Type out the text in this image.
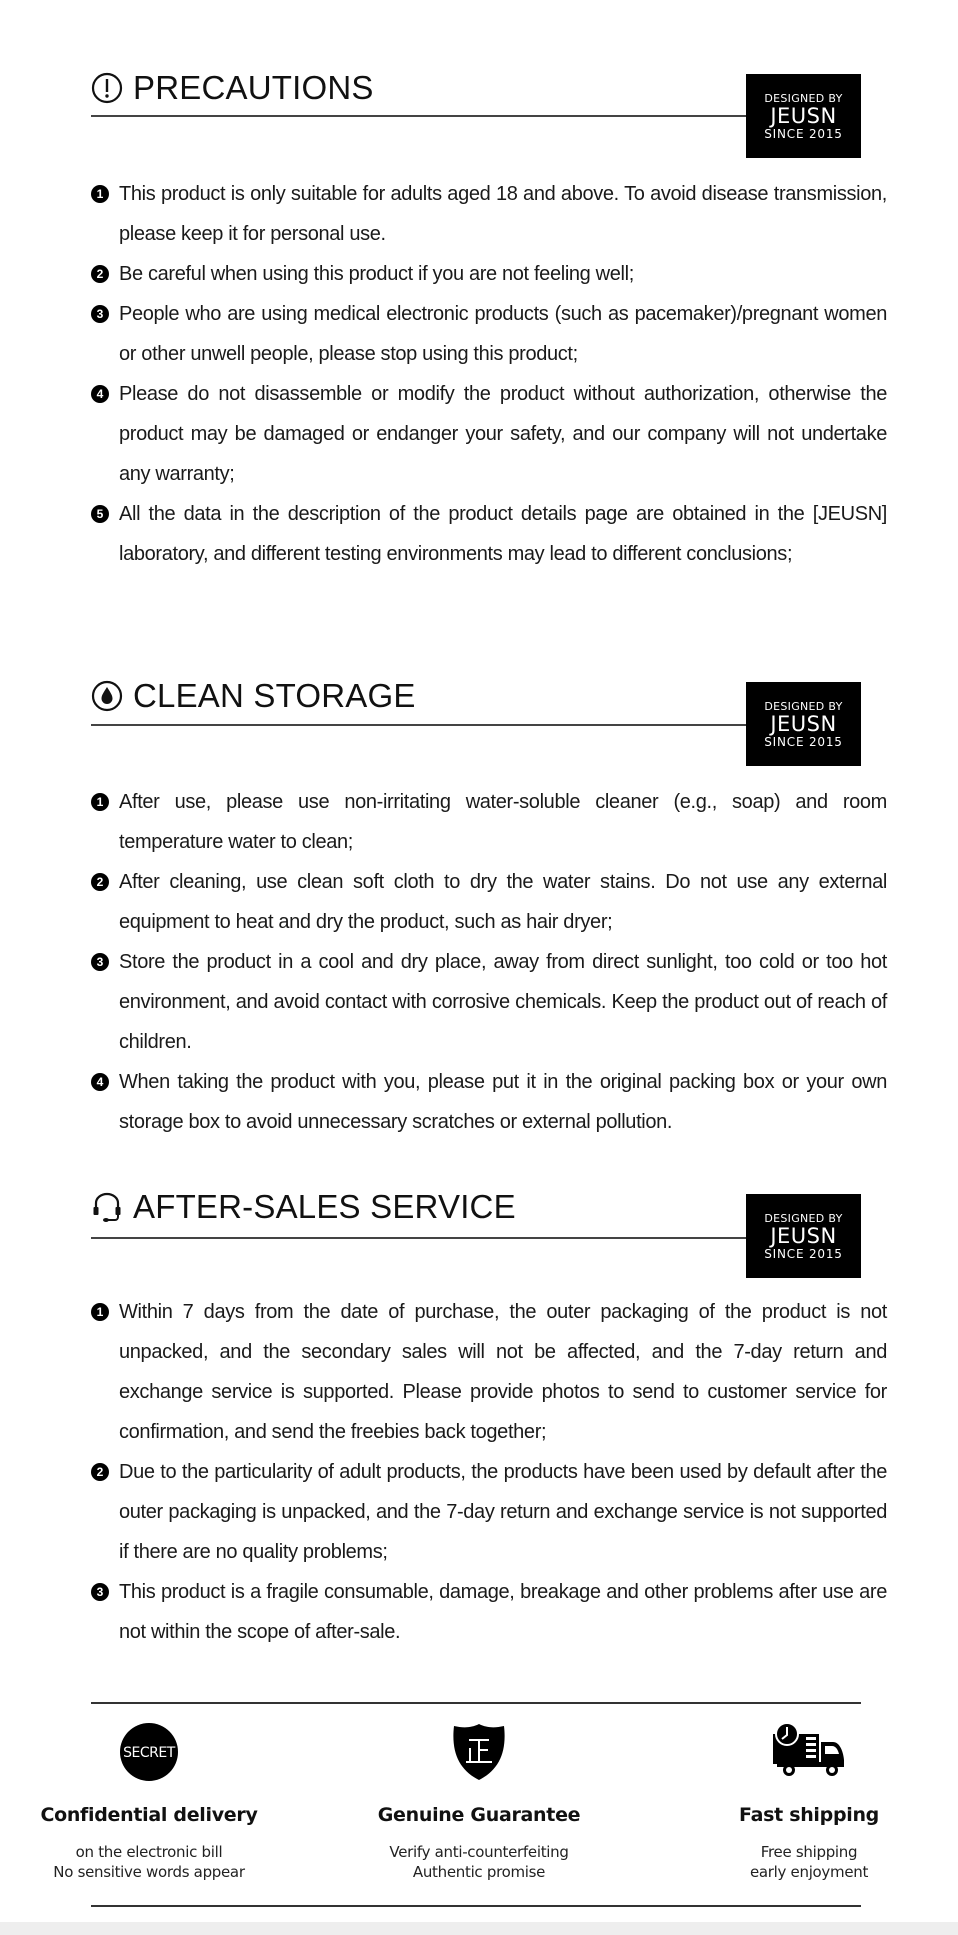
PRECAUTIONS	DESIGNED BY
JEUSN
SINCE 2015
1 This product is only suitable for adults aged 18 and above. To avoid disease transmission, please keep it for personal use.
2 Be careful when using this product if you are not feeling well;
3 People who are using medical electronic products (such as pacemaker)/pregnant women or other unwell people, please stop using this product;
4 Please do not disassemble or modify the product without authorization, otherwise the product may be damaged or endanger your safety, and our company will not undertake any warranty;
5 All the data in the description of the product details page are obtained in the [JEUSN] laboratory, and different testing environments may lead to different conclusions;
CLEAN STORAGE	DESIGNED BY
JEUSN
SINCE 2015
1 After use, please use non-irritating water-soluble cleaner (e.g., soap) and room temperature water to clean;
2 After cleaning, use clean soft cloth to dry the water stains. Do not use any external equipment to heat and dry the product, such as hair dryer;
3 Store the product in a cool and dry place, away from direct sunlight, too cold or too hot environment, and avoid contact with corrosive chemicals. Keep the product out of reach of children.
4 When taking the product with you, please put it in the original packing box or your own storage box to avoid unnecessary scratches or external pollution.
AFTER-SALES SERVICE	DESIGNED BY
JEUSN
SINCE 2015
1 Within 7 days from the date of purchase, the outer packaging of the product is not unpacked, and the secondary sales will not be affected, and the 7-day return and exchange service is supported. Please provide photos to send to customer service for confirmation, and send the freebies back together;
2 Due to the particularity of adult products, the products have been used by default after the outer packaging is unpacked, and the 7-day return and exchange service is not supported if there are no quality problems;
3 This product is a fragile consumable, damage, breakage and other problems after use are not within the scope of after-sale.
SECRET
Confidential delivery
on the electronic bill
No sensitive words appear
Genuine Guarantee
Verify anti-counterfeiting
Authentic promise
Fast shipping
Free shipping
early enjoyment
